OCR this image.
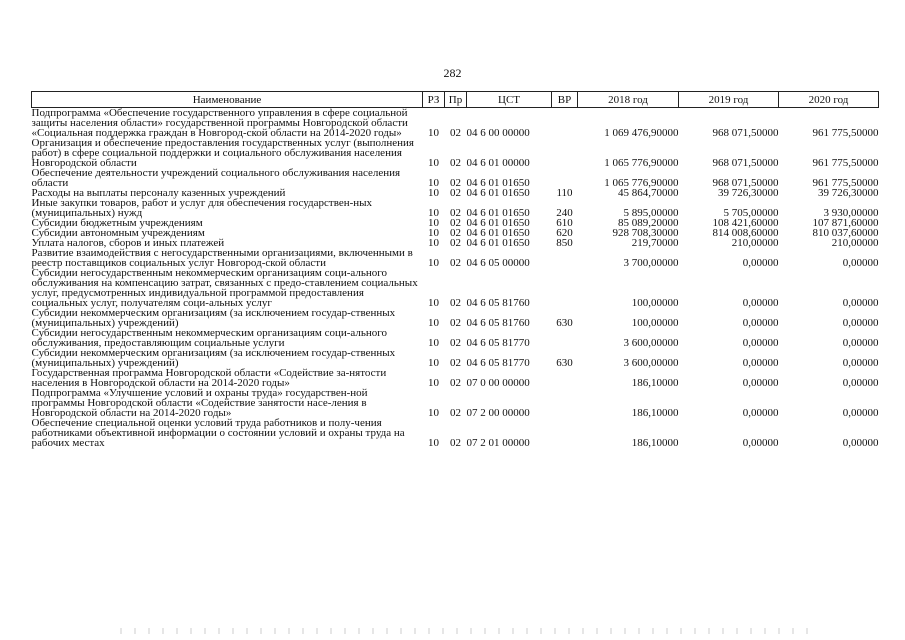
282
Наименование	РЗ	Пр	ЦСТ	ВР	2018 год	2019 год	2020 год
Подпрограмма «Обеспечение государственного управления в сфере социальной защиты населения области» государственной программы Новгородской области «Социальная поддержка граждан в Новгород-ской области на 2014-2020 годы»	10	02	04 6 00 00000		1 069 476,90000	968 071,50000	961 775,50000
Организация и обеспечение предоставления государственных услуг (выполнения работ) в сфере социальной поддержки и социального обслуживания населения Новгородской области	10	02	04 6 01 00000		1 065 776,90000	968 071,50000	961 775,50000
Обеспечение деятельности учреждений социального обслуживания населения области	10	02	04 6 01 01650		1 065 776,90000	968 071,50000	961 775,50000
Расходы на выплаты персоналу казенных учреждений	10	02	04 6 01 01650	110	45 864,70000	39 726,30000	39 726,30000
Иные закупки товаров, работ и услуг для обеспечения государствен-ных (муниципальных) нужд	10	02	04 6 01 01650	240	5 895,00000	5 705,00000	3 930,00000
Субсидии бюджетным учреждениям	10	02	04 6 01 01650	610	85 089,20000	108 421,60000	107 871,60000
Субсидии автономным учреждениям	10	02	04 6 01 01650	620	928 708,30000	814 008,60000	810 037,60000
Уплата налогов, сборов и иных платежей	10	02	04 6 01 01650	850	219,70000	210,00000	210,00000
Развитие взаимодействия с негосударственными организациями, включенными в реестр поставщиков социальных услуг Новгород-ской области	10	02	04 6 05 00000		3 700,00000	0,00000	0,00000
Субсидии негосударственным некоммерческим организациям соци-ального обслуживания на компенсацию затрат, связанных с предо-ставлением социальных услуг, предусмотренных индивидуальной программой предоставления социальных услуг, получателям соци-альных услуг	10	02	04 6 05 81760		100,00000	0,00000	0,00000
Субсидии некоммерческим организациям (за исключением государ-ственных (муниципальных) учреждений)	10	02	04 6 05 81760	630	100,00000	0,00000	0,00000
Субсидии негосударственным некоммерческим организациям соци-ального обслуживания, предоставляющим социальные услуги	10	02	04 6 05 81770		3 600,00000	0,00000	0,00000
Субсидии некоммерческим организациям (за исключением государ-ственных (муниципальных) учреждений)	10	02	04 6 05 81770	630	3 600,00000	0,00000	0,00000
Государственная программа Новгородской области «Содействие за-нятости населения в Новгородской области на 2014-2020 годы»	10	02	07 0 00 00000		186,10000	0,00000	0,00000
Подпрограмма «Улучшение условий и охраны труда» государствен-ной программы Новгородской области «Содействие занятости насе-ления в Новгородской области на 2014-2020 годы»	10	02	07 2 00 00000		186,10000	0,00000	0,00000
Обеспечение специальной оценки условий труда работников и полу-чения работниками объективной информации о состоянии условий и охраны труда на рабочих местах	10	02	07 2 01 00000		186,10000	0,00000	0,00000
